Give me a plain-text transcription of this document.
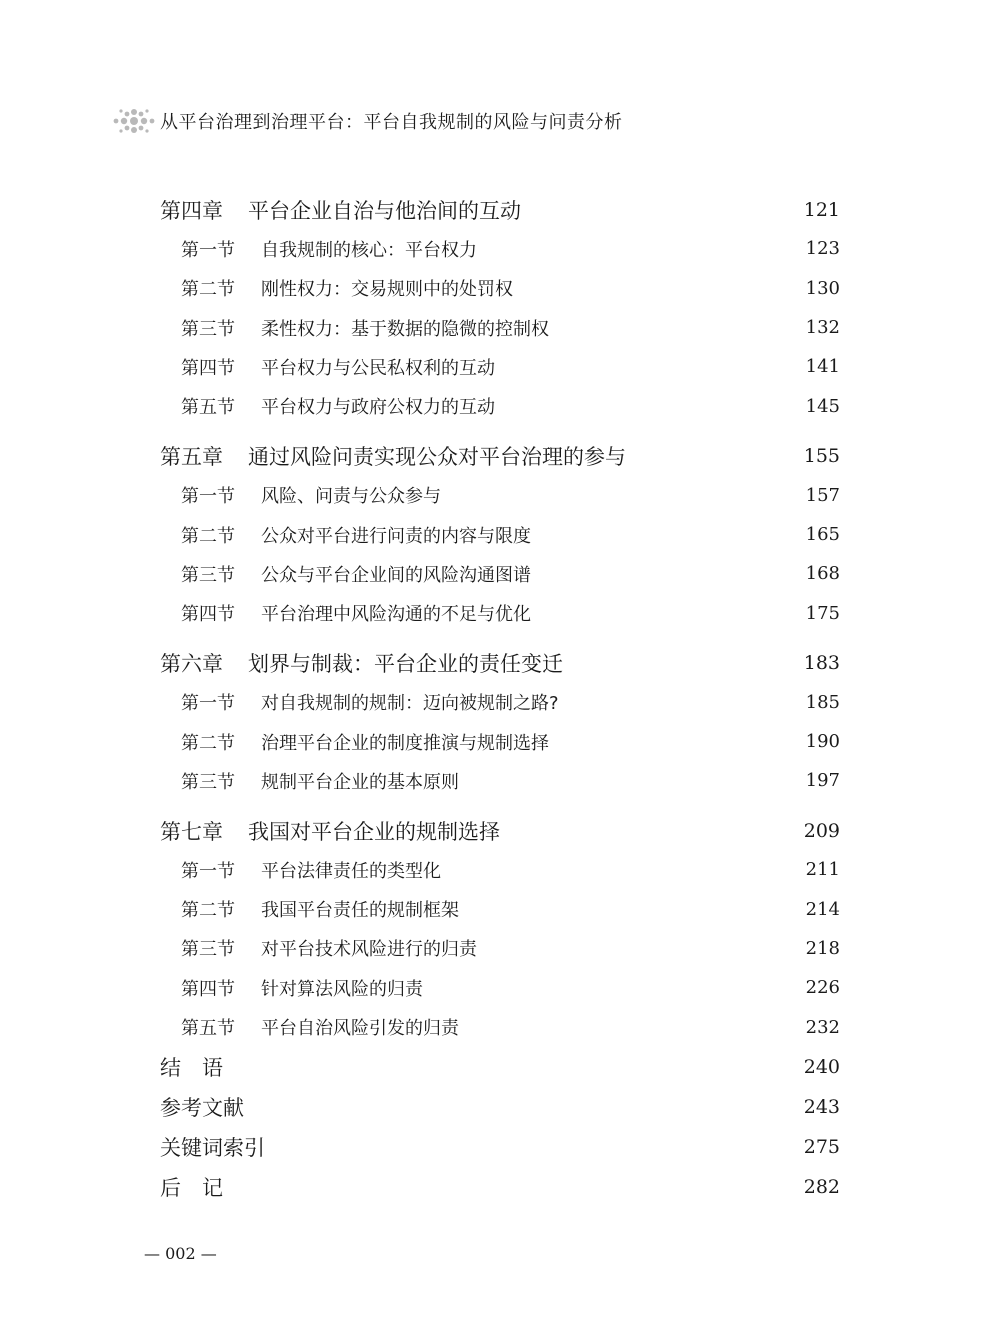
从平台治理到治理平台：平台自我规制的风险与问责分析
第四章	平台企业自治与他治间的互动	121
第一节	自我规制的核心：平台权力	123
第二节	刚性权力：交易规则中的处罚权	130
第三节	柔性权力：基于数据的隐微的控制权	132
第四节	平台权力与公民私权利的互动	141
第五节	平台权力与政府公权力的互动	145
第五章	通过风险问责实现公众对平台治理的参与	155
第一节	风险、问责与公众参与	157
第二节	公众对平台进行问责的内容与限度	165
第三节	公众与平台企业间的风险沟通图谱	168
第四节	平台治理中风险沟通的不足与优化	175
第六章	划界与制裁：平台企业的责任变迁	183
第一节	对自我规制的规制：迈向被规制之路?	185
第二节	治理平台企业的制度推演与规制选择	190
第三节	规制平台企业的基本原则	197
第七章	我国对平台企业的规制选择	209
第一节	平台法律责任的类型化	211
第二节	我国平台责任的规制框架	214
第三节	对平台技术风险进行的归责	218
第四节	针对算法风险的归责	226
第五节	平台自治风险引发的归责	232
结　语	240
参考文献	243
关键词索引	275
后　记	282
— 002 —
